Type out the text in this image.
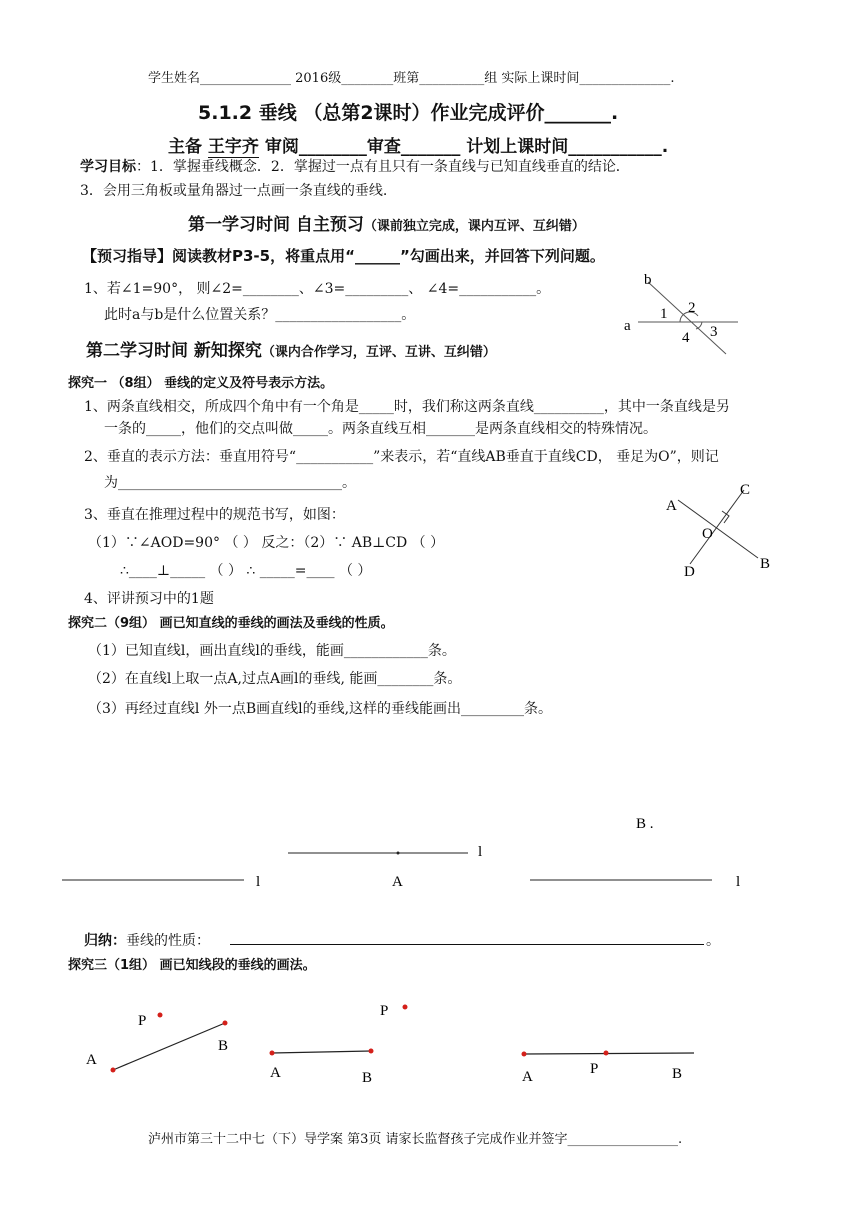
学生姓名______________ 2016级________班第__________组 实际上课时间______________.
5.1.2 垂线 （总第2课时）作业完成评价_______.
主备 王宇齐 审阅________审查_______ 计划上课时间___________.
学习目标：1．掌握垂线概念．2．掌握过一点有且只有一条直线与已知直线垂直的结论．
3．会用三角板或量角器过一点画一条直线的垂线.
第一学习时间 自主预习（课前独立完成，课内互评、互纠错）
【预习指导】阅读教材P3-5，将重点用“______”勾画出来，并回答下列问题。
1、若∠1=90°， 则∠2=________、∠3=_________、 ∠4=___________。
此时a与b是什么位置关系？__________________。
b
a
1 2
3
4
第二学习时间 新知探究（课内合作学习，互评、互讲、互纠错）
探究一 （8组） 垂线的定义及符号表示方法。
1、两条直线相交，所成四个角中有一个角是_____时，我们称这两条直线__________，其中一条直线是另
一条的_____，他们的交点叫做_____。两条直线互相_______是两条直线相交的特殊情况。
2、垂直的表示方法：垂直用符号“___________”来表示，若“直线AB垂直于直线CD， 垂足为O”，则记
为________________________________。
3、垂直在推理过程中的规范书写，如图：
（1）∵∠AOD=90° （ ） 反之：（2）∵ AB⊥CD （ ）
∴____⊥_____ （ ） ∴ _____=____ （ ）
4、评讲预习中的1题
A
C
B
D
O
探究二（9组） 画已知直线的垂线的画法及垂线的性质。
（1）已知直线l，画出直线l的垂线，能画____________条。
（2）在直线l上取一点A,过点A画l的垂线, 能画________条。
（3）再经过直线l 外一点B画直线l的垂线,这样的垂线能画出_________条。
l
l
A	l
B .
归纳：垂线的性质：	。
探究三（1组） 画已知线段的垂线的画法。
P
A
B
P
A	B	A	P	B
泸州市第三十二中七（下）导学案 第3页 请家长监督孩子完成作业并签字_________________.
